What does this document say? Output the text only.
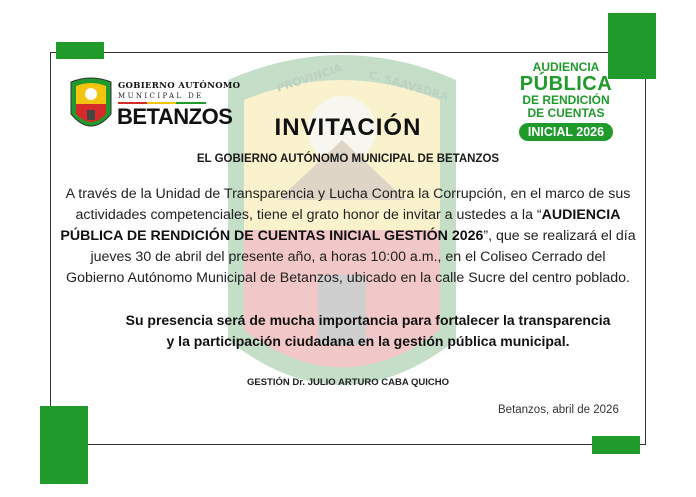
PROVINCIA C. SAAVEDRA
GOBIERNO AUTÓNOMO
MUNICIPAL DE
BETANZOS
AUDIENCIA
PÚBLICA
DE RENDICIÓN
DE CUENTAS
INICIAL 2026
INVITACIÓN
EL GOBIERNO AUTÓNOMO MUNICIPAL DE BETANZOS
A través de la Unidad de Transparencia y Lucha Contra la Corrupción, en el marco de sus actividades competenciales, tiene el grato honor de invitar a ustedes a la “AUDIENCIA PÚBLICA DE RENDICIÓN DE CUENTAS INICIAL GESTIÓN 2026”, que se realizará el día jueves 30 de abril del presente año, a horas 10:00 a.m., en el Coliseo Cerrado del Gobierno Autónomo Municipal de Betanzos, ubicado en la calle Sucre del centro poblado.
Su presencia será de mucha importancia para fortalecer la transparencia
y la participación ciudadana en la gestión pública municipal.
GESTIÓN Dr. JULIO ARTURO CABA QUICHO
Betanzos, abril de 2026
